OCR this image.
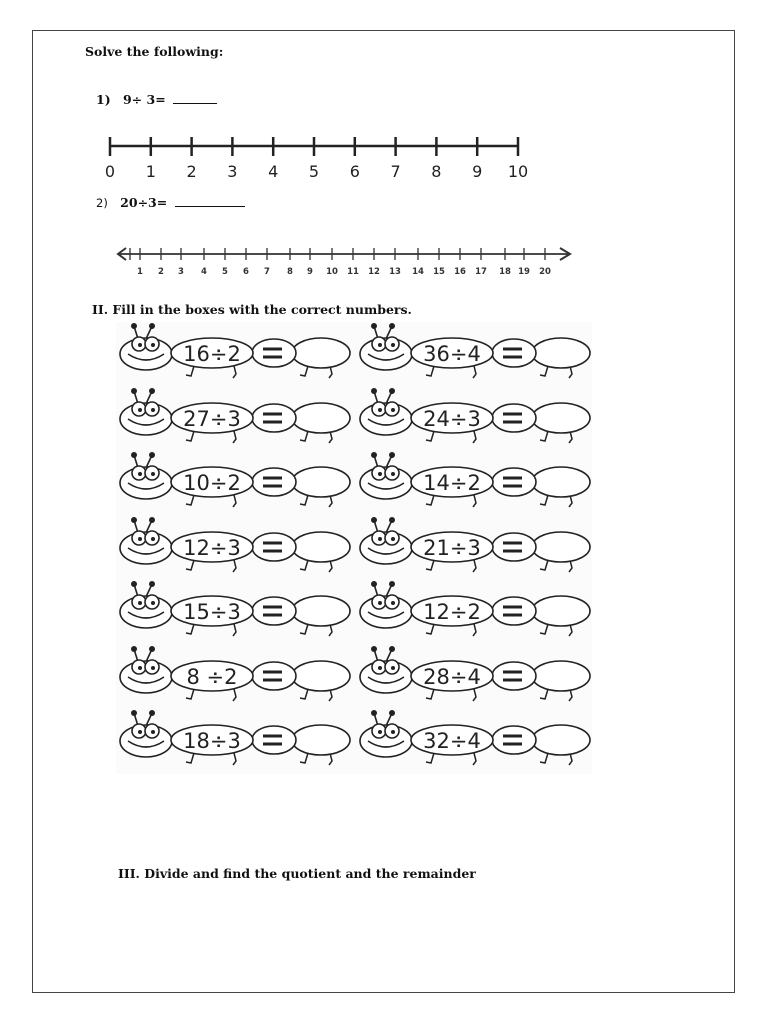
Solve the following:
1) 9÷ 3=
0 1 2 3 4 5 6 7 8 9 10
2) 20÷3=
1 2 3 4 5 6 7 8 9 10 11 12 13 14 15 16 17 18 19 20
II. Fill in the boxes with the correct numbers.
16÷2	36÷4
27÷3	24÷3
10÷2	14÷2
12÷3	21÷3
15÷3	12÷2
8 ÷2	28÷4
18÷3	32÷4
III. Divide and find the quotient and the remainder
